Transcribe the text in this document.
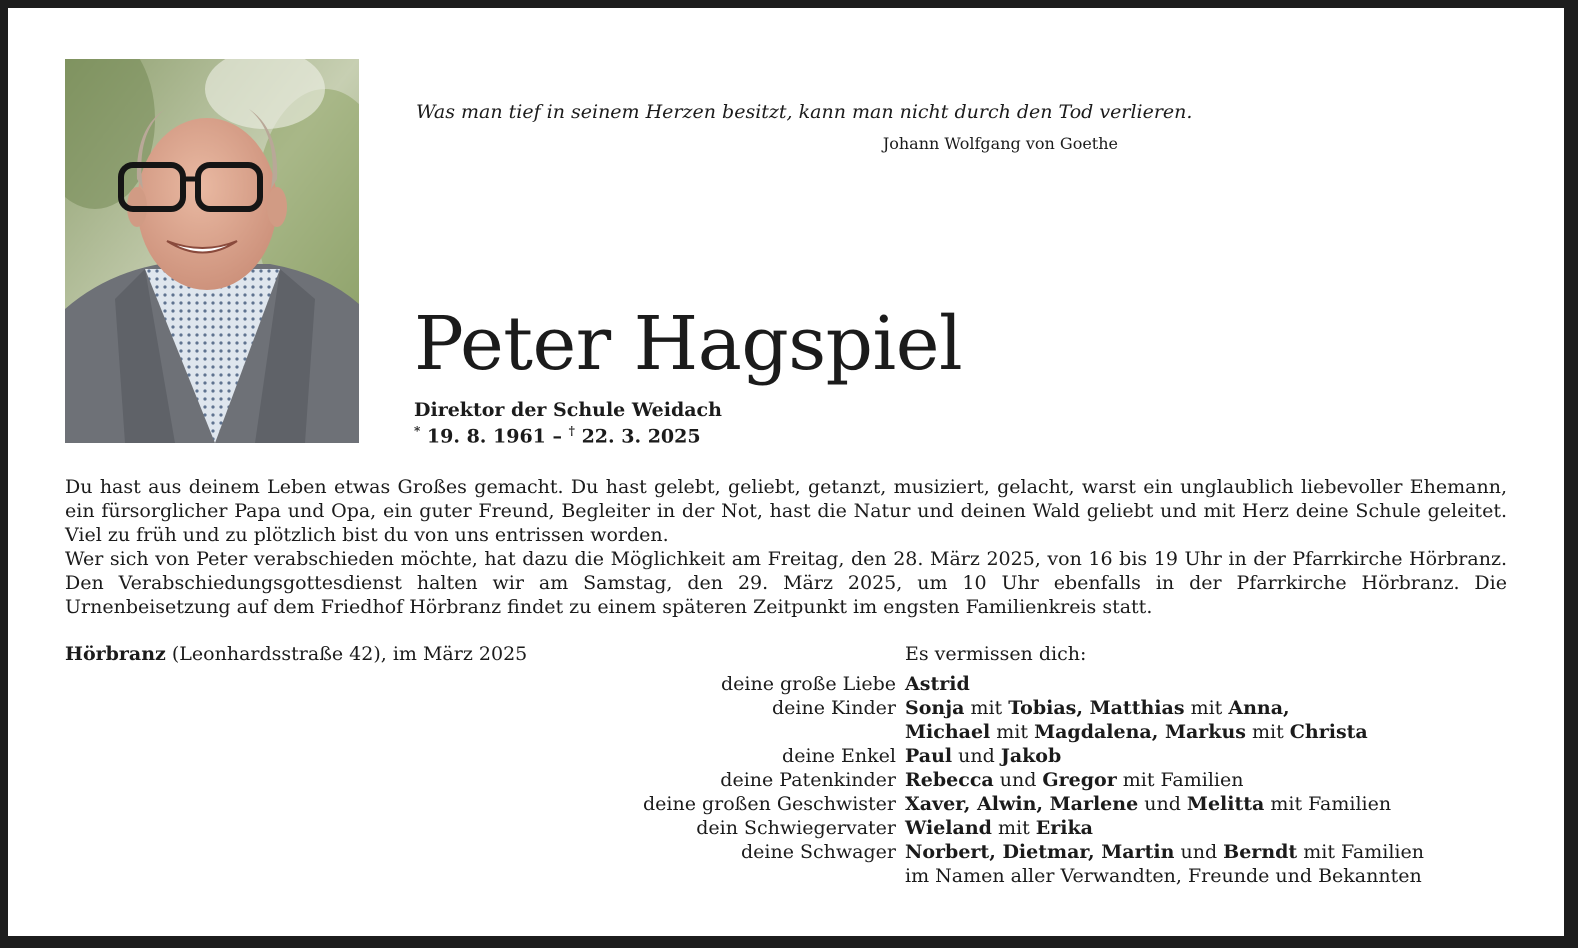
Was man tief in seinem Herzen besitzt, kann man nicht durch den Tod verlieren.
Johann Wolfgang von Goethe
Peter Hagspiel
Direktor der Schule Weidach
* 19. 8. 1961 – † 22. 3. 2025

Du hast aus deinem Leben etwas Großes gemacht. Du hast gelebt, geliebt, getanzt, musiziert, gelacht, warst ein unglaublich liebevoller Ehemann, ein fürsorglicher Papa und Opa, ein guter Freund, Begleiter in der Not, hast die Natur und deinen Wald geliebt und mit Herz deine Schule geleitet. Viel zu früh und zu plötzlich bist du von uns entrissen worden.

Wer sich von Peter verabschieden möchte, hat dazu die Möglichkeit am Freitag, den 28. März 2025, von 16 bis 19 Uhr in der Pfarrkirche Hörbranz. Den Verabschiedungsgottesdienst halten wir am Samstag, den 29. März 2025, um 10 Uhr ebenfalls in der Pfarrkirche Hörbranz. Die Urnenbeisetzung auf dem Friedhof Hörbranz findet zu einem späteren Zeitpunkt im engsten Familienkreis statt.

Hörbranz (Leonhardsstraße 42), im März 2025	Es vermissen dich:
deine große Liebe Astrid
deine Kinder Sonja mit Tobias, Matthias mit Anna,
Michael mit Magdalena, Markus mit Christa
deine Enkel Paul und Jakob
deine Patenkinder Rebecca und Gregor mit Familien
deine großen Geschwister Xaver, Alwin, Marlene und Melitta mit Familien
dein Schwiegervater Wieland mit Erika
deine Schwager Norbert, Dietmar, Martin und Berndt mit Familien
im Namen aller Verwandten, Freunde und Bekannten
